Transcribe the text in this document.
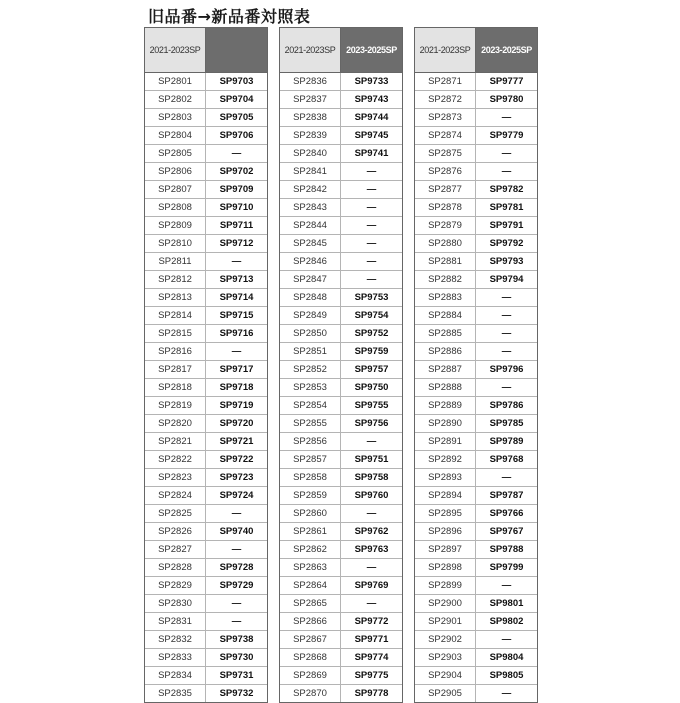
旧品番→新品番対照表
2021-2023SP
SP2801	SP9703
SP2802	SP9704
SP2803	SP9705
SP2804	SP9706
SP2805	—
SP2806	SP9702
SP2807	SP9709
SP2808	SP9710
SP2809	SP9711
SP2810	SP9712
SP2811	—
SP2812	SP9713
SP2813	SP9714
SP2814	SP9715
SP2815	SP9716
SP2816	—
SP2817	SP9717
SP2818	SP9718
SP2819	SP9719
SP2820	SP9720
SP2821	SP9721
SP2822	SP9722
SP2823	SP9723
SP2824	SP9724
SP2825	—
SP2826	SP9740
SP2827	—
SP2828	SP9728
SP2829	SP9729
SP2830	—
SP2831	—
SP2832	SP9738
SP2833	SP9730
SP2834	SP9731
SP2835	SP9732
2021-2023SP	2023-2025SP
SP2836	SP9733
SP2837	SP9743
SP2838	SP9744
SP2839	SP9745
SP2840	SP9741
SP2841	—
SP2842	—
SP2843	—
SP2844	—
SP2845	—
SP2846	—
SP2847	—
SP2848	SP9753
SP2849	SP9754
SP2850	SP9752
SP2851	SP9759
SP2852	SP9757
SP2853	SP9750
SP2854	SP9755
SP2855	SP9756
SP2856	—
SP2857	SP9751
SP2858	SP9758
SP2859	SP9760
SP2860	—
SP2861	SP9762
SP2862	SP9763
SP2863	—
SP2864	SP9769
SP2865	—
SP2866	SP9772
SP2867	SP9771
SP2868	SP9774
SP2869	SP9775
SP2870	SP9778
2021-2023SP	2023-2025SP
SP2871	SP9777
SP2872	SP9780
SP2873	—
SP2874	SP9779
SP2875	—
SP2876	—
SP2877	SP9782
SP2878	SP9781
SP2879	SP9791
SP2880	SP9792
SP2881	SP9793
SP2882	SP9794
SP2883	—
SP2884	—
SP2885	—
SP2886	—
SP2887	SP9796
SP2888	—
SP2889	SP9786
SP2890	SP9785
SP2891	SP9789
SP2892	SP9768
SP2893	—
SP2894	SP9787
SP2895	SP9766
SP2896	SP9767
SP2897	SP9788
SP2898	SP9799
SP2899	—
SP2900	SP9801
SP2901	SP9802
SP2902	—
SP2903	SP9804
SP2904	SP9805
SP2905	—
